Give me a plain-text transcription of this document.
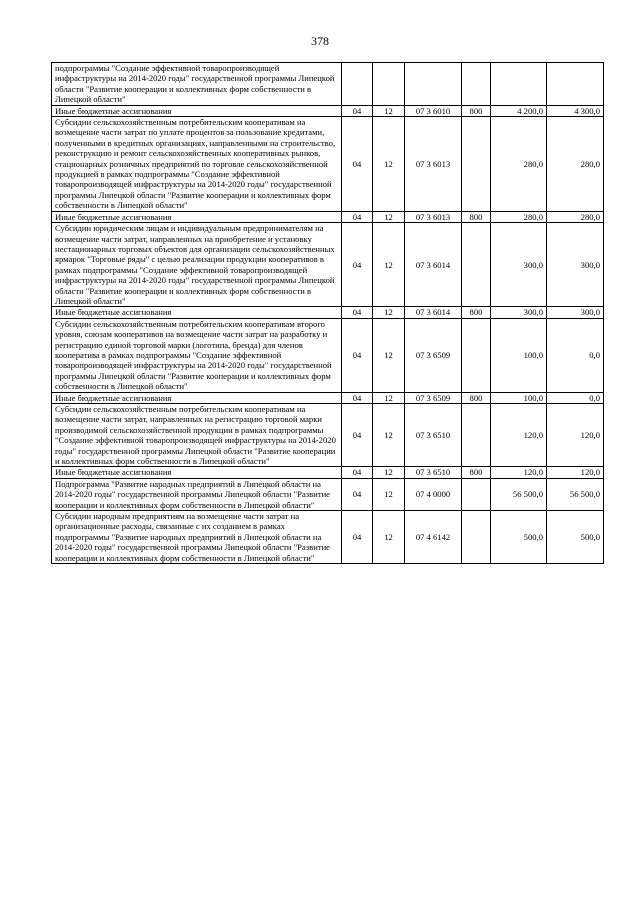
378
подпрограммы "Создание эффективной товаропроизводящей инфраструктуры на 2014-2020 годы" государственной программы Липецкой области "Развитие кооперации и коллективных форм собственности в Липецкой области"						
Иные бюджетные ассигнования	04	12	07 3 6010	800	4 200,0	4 300,0
Субсидии сельскохозяйственным потребительским кооперативам на возмещение части затрат по уплате процентов за пользование кредитами, полученными в кредитных организациях, направленными на строительство, реконструкцию и ремонт сельскохозяйственных кооперативных рынков, стационарных розничных предприятий по торговле сельскохозяйственной продукцией в рамках подпрограммы "Создание эффективной товаропроизводящей инфраструктуры на 2014-2020 годы" государственной программы Липецкой области "Развитие кооперации и коллективных форм собственности в Липецкой области"	04	12	07 3 6013		280,0	280,0
Иные бюджетные ассигнования	04	12	07 3 6013	800	280,0	280,0
Субсидии юридическим лицам и индивидуальным предпринимателям на возмещение части затрат, направленных на приобретение и установку нестационарных торговых объектов для организации сельскохозяйственных ярмарок "Торговые ряды" с целью реализации продукции кооперативов в рамках подпрограммы "Создание эффективной товаропроизводящей инфраструктуры на 2014-2020 годы" государственной программы Липецкой области "Развитие кооперации и коллективных форм собственности в Липецкой области"	04	12	07 3 6014		300,0	300,0
Иные бюджетные ассигнования	04	12	07 3 6014	800	300,0	300,0
Субсидии сельскохозяйственным потребительским кооперативам второго уровня, союзам кооперативов на возмещение части затрат на разработку и регистрацию единой торговой марки (логотипа, бренда) для членов кооператива в рамках подпрограммы "Создание эффективной товаропроизводящей инфраструктуры на 2014-2020 годы" государственной программы Липецкой области "Развитие кооперации и коллективных форм собственности в Липецкой области"	04	12	07 3 6509		100,0	0,0
Иные бюджетные ассигнования	04	12	07 3 6509	800	100,0	0,0
Субсидии сельскохозяйственным потребительским кооперативам на возмещение части затрат, направленных на регистрацию торговой марки производимой сельскохозяйственной продукции в рамках подпрограммы "Создание эффективной товаропроизводящей инфраструктуры на 2014-2020 годы" государственной программы Липецкой области "Развитие кооперации и коллективных форм собственности в Липецкой области"	04	12	07 3 6510		120,0	120,0
Иные бюджетные ассигнования	04	12	07 3 6510	800	120,0	120,0
Подпрограмма "Развитие народных предприятий в Липецкой области на 2014-2020 годы" государственной программы Липецкой области "Развитие кооперации и коллективных форм собственности в Липецкой области"	04	12	07 4 0000		56 500,0	56 500,0
Субсидии народным предприятиям на возмещение части затрат на организационные расходы, связанные с их созданием в рамках подпрограммы "Развитие народных предприятий в Липецкой области на 2014-2020 годы" государственной программы Липецкой области "Развитие кооперации и коллективных форм собственности в Липецкой области"	04	12	07 4 6142		500,0	500,0
